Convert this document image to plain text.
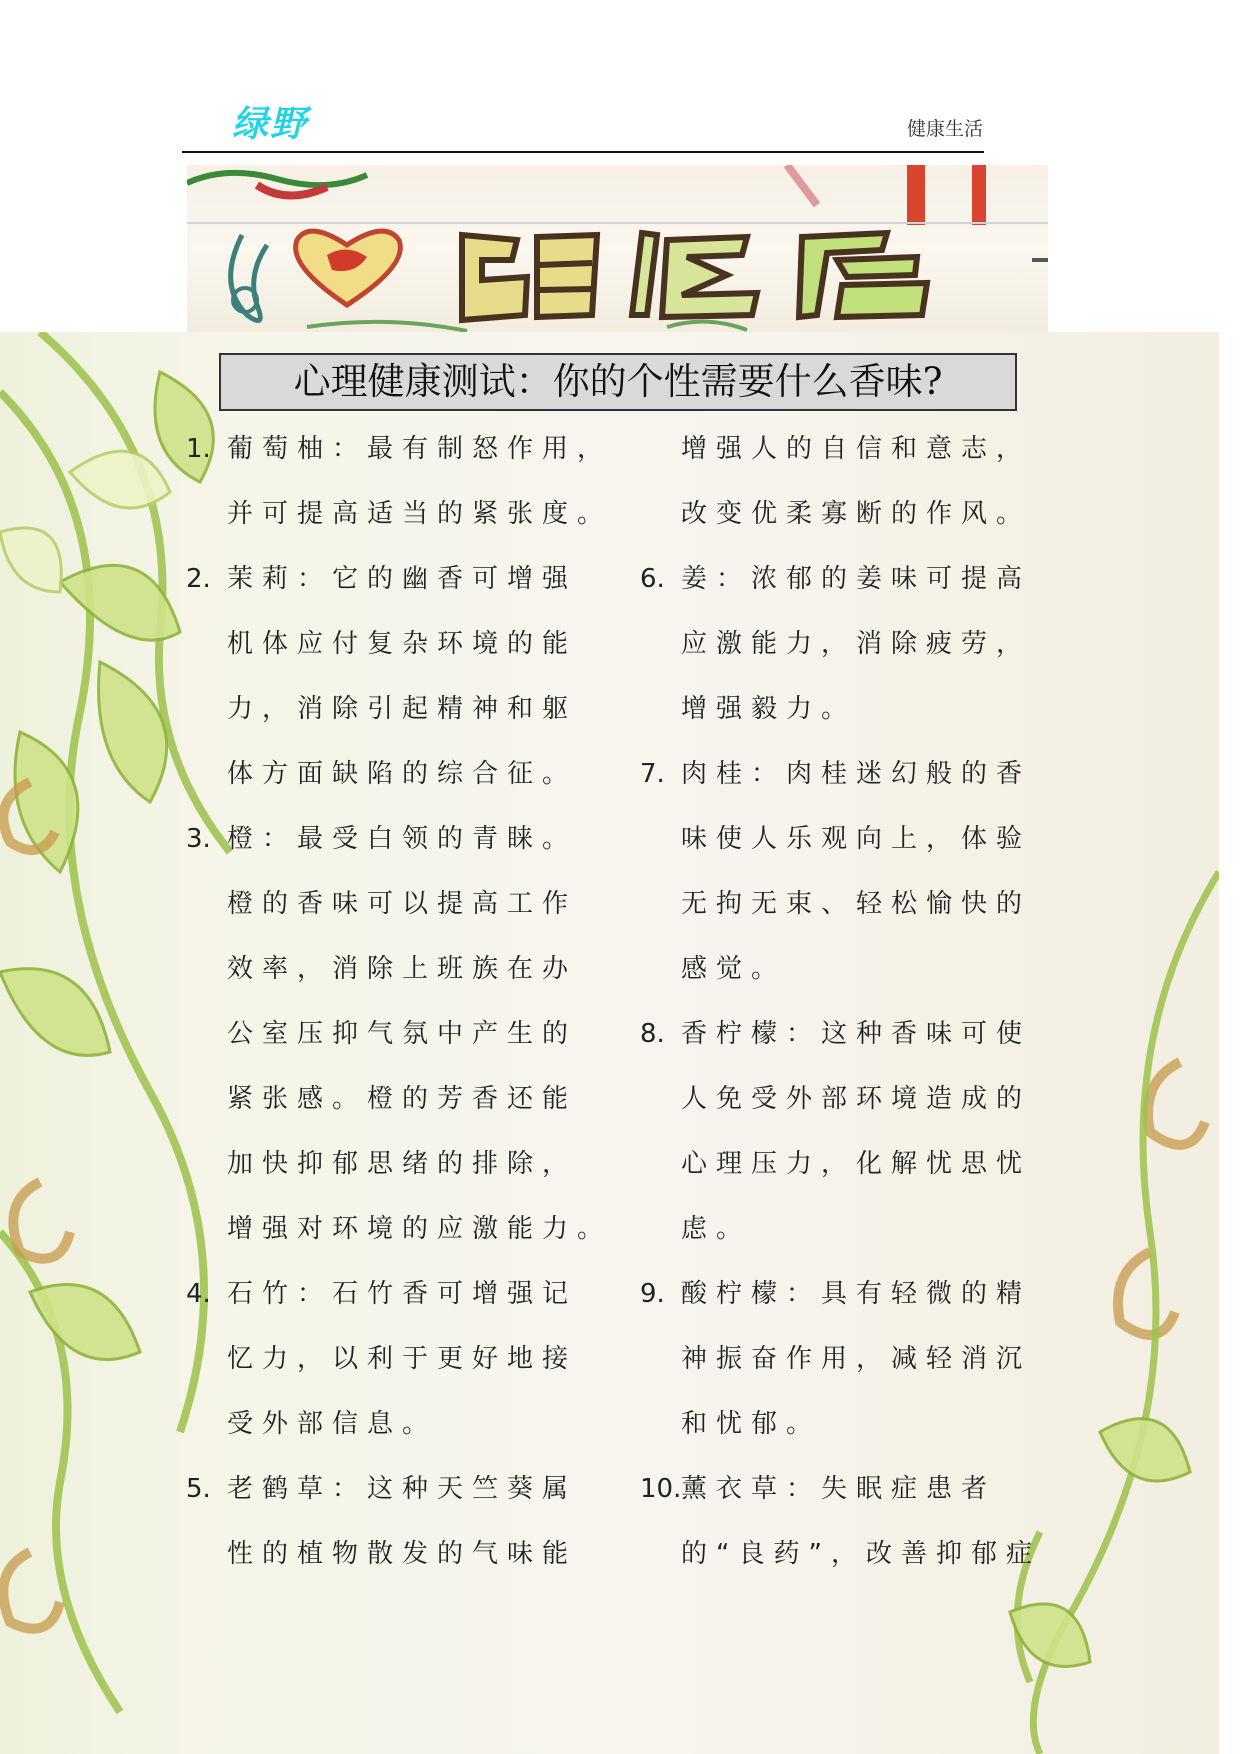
绿野	健康生活
心理健康测试：你的个性需要什么香味?
1. 葡萄柚：最有制怒作用，
并可提高适当的紧张度。
2. 茉莉：它的幽香可增强
机体应付复杂环境的能
力，消除引起精神和躯
体方面缺陷的综合征。
3. 橙：最受白领的青睐。
橙的香味可以提高工作
效率，消除上班族在办
公室压抑气氛中产生的
紧张感。橙的芳香还能
加快抑郁思绪的排除，
增强对环境的应激能力。
4. 石竹：石竹香可增强记
忆力，以利于更好地接
受外部信息。
5. 老鹤草：这种天竺葵属
性的植物散发的气味能
增强人的自信和意志，
改变优柔寡断的作风。
6. 姜：浓郁的姜味可提高
应激能力，消除疲劳，
增强毅力。
7. 肉桂：肉桂迷幻般的香
味使人乐观向上，体验
无拘无束、轻松愉快的
感觉。
8. 香柠檬：这种香味可使
人免受外部环境造成的
心理压力，化解忧思忧
虑。
9. 酸柠檬：具有轻微的精
神振奋作用，减轻消沉
和忧郁。
10.薰衣草：失眠症患者
的“良药”，改善抑郁症
